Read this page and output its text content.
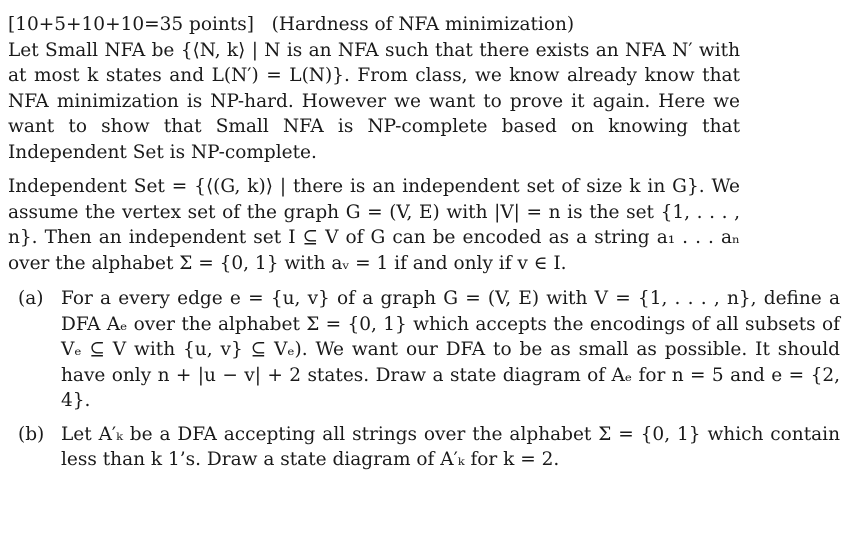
[10+5+10+10=35 points] (Hardness of NFA minimization)

Let Small NFA be {⟨N, k⟩ | N is an NFA such that there exists an NFA N′ with at most k states and L(N′) = L(N)}. From class, we know already know that NFA minimization is NP-hard. However we want to prove it again. Here we want to show that Small NFA is NP-complete based on knowing that Independent Set is NP-complete.

Independent Set = {⟨(G, k)⟩ | there is an independent set of size k in G}. We assume the vertex set of the graph G = (V, E) with |V| = n is the set {1, . . . , n}. Then an independent set I ⊆ V of G can be encoded as a string a₁ . . . aₙ over the alphabet Σ = {0, 1} with aᵥ = 1 if and only if v ∈ I.

(a) For a every edge e = {u, v} of a graph G = (V, E) with V = {1, . . . , n}, define a DFA Aₑ over the alphabet Σ = {0, 1} which accepts the encodings of all subsets of Vₑ ⊆ V with {u, v} ⊆ Vₑ). We want our DFA to be as small as possible. It should have only n + |u − v| + 2 states. Draw a state diagram of Aₑ for n = 5 and e = {2, 4}.
(b) Let A′ₖ be a DFA accepting all strings over the alphabet Σ = {0, 1} which contain less than k 1’s. Draw a state diagram of A′ₖ for k = 2.
